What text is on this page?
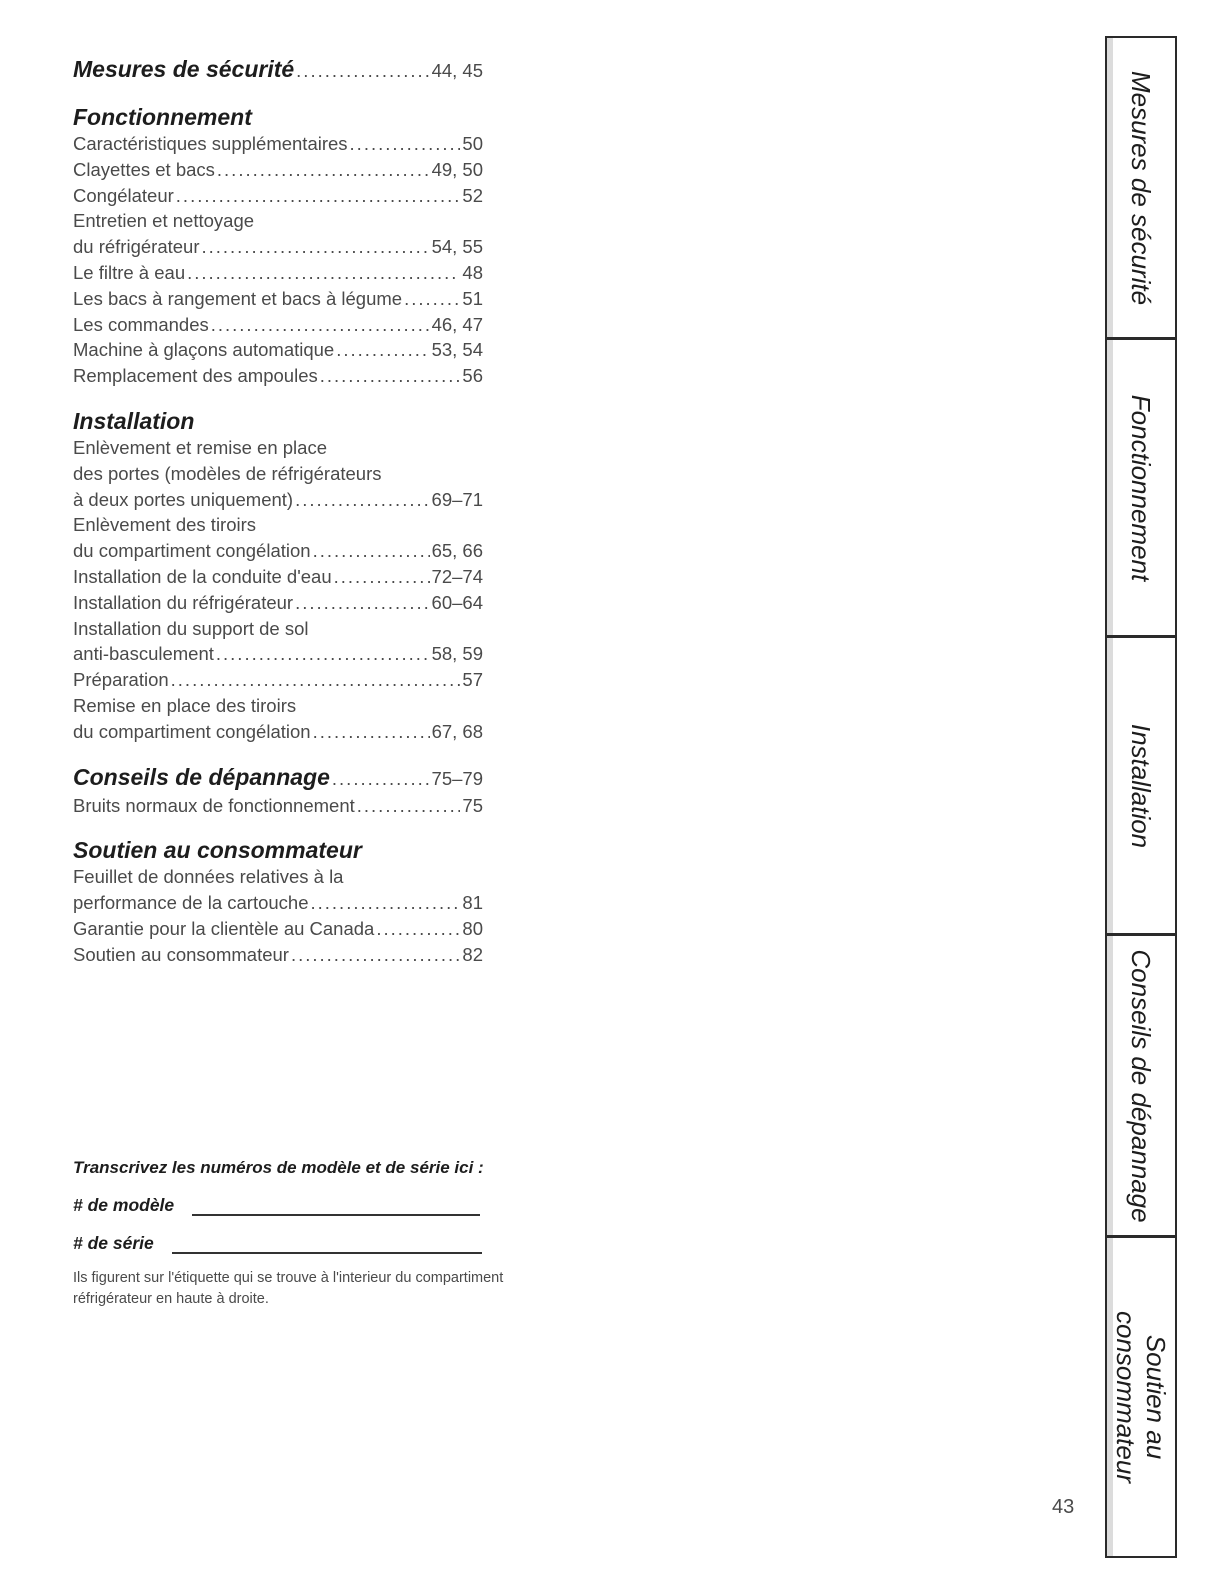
Mesures de sécurité .....	44, 45
Fonctionnement
Caractéristiques supplémentaires .....	50
Clayettes et bacs .....	49, 50
Congélateur .....	52
Entretien et nettoyage
du réfrigérateur .....	54, 55
Le filtre à eau .....	48
Les bacs à rangement et bacs à légume .....	51
Les commandes .....	46, 47
Machine à glaçons automatique .....	53, 54
Remplacement des ampoules .....	56
Installation
Enlèvement et remise en place
des portes (modèles de réfrigérateurs
à deux portes uniquement) .....	69–71
Enlèvement des tiroirs
du compartiment congélation .....	65, 66
Installation de la conduite d'eau .....	72–74
Installation du réfrigérateur .....	60–64
Installation du support de sol
anti-basculement .....	58, 59
Préparation .....	57
Remise en place des tiroirs
du compartiment congélation .....	67, 68
Conseils de dépannage .....	75–79
Bruits normaux de fonctionnement .....	75
Soutien au consommateur
Feuillet de données relatives à la
performance de la cartouche .....	81
Garantie pour la clientèle au Canada .....	80
Soutien au consommateur .....	82
Transcrivez les numéros de modèle et de série ici :
# de modèle
# de série
Ils figurent sur l'étiquette qui se trouve à l'interieur du compartiment réfrigérateur en haute à droite.
43
Mesures de sécurité
Fonctionnement
Installation
Conseils de dépannage
Soutien au
consommateur
